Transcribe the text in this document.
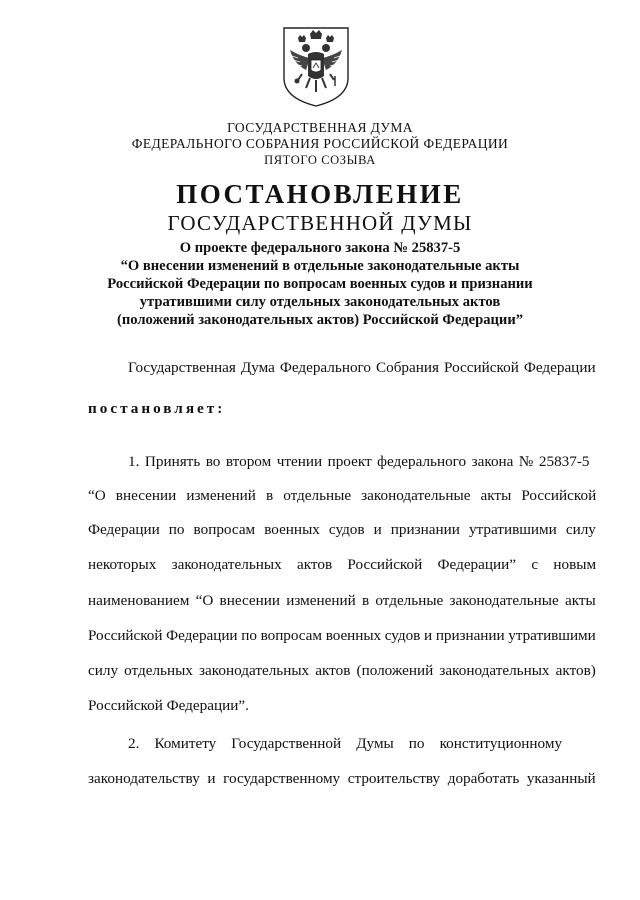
ГОСУДАРСТВЕННАЯ ДУМА
ФЕДЕРАЛЬНОГО СОБРАНИЯ РОССИЙСКОЙ ФЕДЕРАЦИИ
ПЯТОГО СОЗЫВА
ПОСТАНОВЛЕНИЕ
ГОСУДАРСТВЕННОЙ ДУМЫ
О проекте федерального закона № 25837-5
“О внесении изменений в отдельные законодательные акты
Российской Федерации по вопросам военных судов и признании
утратившими силу отдельных законодательных актов
(положений законодательных актов) Российской Федерации”
Государственная Дума Федерального Собрания Российской Федерации
постановляет:
1. Принять во втором чтении проект федерального закона № 25837-5
“О внесении изменений в отдельные законодательные акты Российской
Федерации по вопросам военных судов и признании утратившими силу
некоторых законодательных актов Российской Федерации” с новым
наименованием “О внесении изменений в отдельные законодательные акты
Российской Федерации по вопросам военных судов и признании утратившими
силу отдельных законодательных актов (положений законодательных актов)
Российской Федерации”.
2. Комитету Государственной Думы по конституционному
законодательству и государственному строительству доработать указанный
